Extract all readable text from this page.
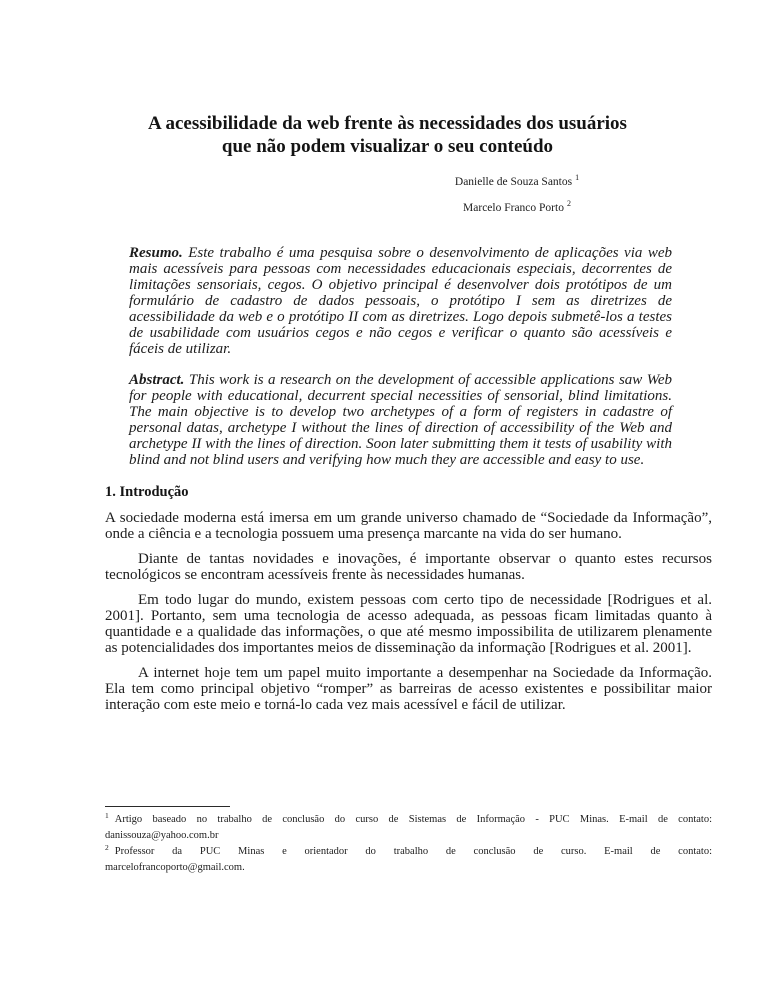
A acessibilidade da web frente às necessidades dos usuários
que não podem visualizar o seu conteúdo
Danielle de Souza Santos $^1$
Marcelo Franco Porto $^2$

Resumo. Este trabalho é uma pesquisa sobre o desenvolvimento de aplicações via web mais acessíveis para pessoas com necessidades educacionais especiais, decorrentes de limitações sensoriais, cegos. O objetivo principal é desenvolver dois protótipos de um formulário de cadastro de dados pessoais, o protótipo I sem as diretrizes de acessibilidade da web e o protótipo II com as diretrizes. Logo depois submetê-los a testes de usabilidade com usuários cegos e não cegos e verificar o quanto são acessíveis e fáceis de utilizar.

Abstract. This work is a research on the development of accessible applications saw Web for people with educational, decurrent special necessities of sensorial, blind limitations. The main objective is to develop two archetypes of a form of registers in cadastre of personal datas, archetype I without the lines of direction of accessibility of the Web and archetype II with the lines of direction. Soon later submitting them it tests of usability with blind and not blind users and verifying how much they are accessible and easy to use.

1. Introdução

A sociedade moderna está imersa em um grande universo chamado de “Sociedade da Informação”, onde a ciência e a tecnologia possuem uma presença marcante na vida do ser humano.

Diante de tantas novidades e inovações, é importante observar o quanto estes recursos tecnológicos se encontram acessíveis frente às necessidades humanas.

Em todo lugar do mundo, existem pessoas com certo tipo de necessidade [Rodrigues et al. 2001]. Portanto, sem uma tecnologia de acesso adequada, as pessoas ficam limitadas quanto à quantidade e a qualidade das informações, o que até mesmo impossibilita de utilizarem plenamente as potencialidades dos importantes meios de disseminação da informação [Rodrigues et al. 2001].

A internet hoje tem um papel muito importante a desempenhar na Sociedade da Informação. Ela tem como principal objetivo “romper” as barreiras de acesso existentes e possibilitar maior interação com este meio e torná-lo cada vez mais acessível e fácil de utilizar.

$^1$ Artigo baseado no trabalho de conclusão do curso de Sistemas de Informação - PUC Minas. E-mail de contato:
danissouza@yahoo.com.br
$^2$ Professor da PUC Minas e orientador do trabalho de conclusão de curso. E-mail de contato:
marcelofrancoporto@gmail.com.
